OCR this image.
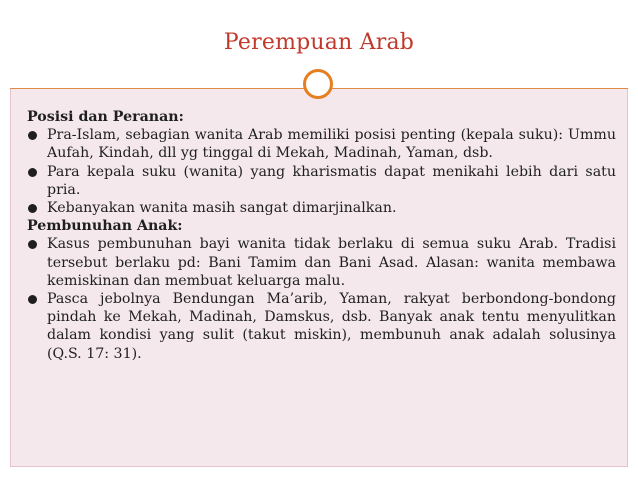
Perempuan Arab

Posisi dan Peranan:

Pra-Islam, sebagian wanita Arab memiliki posisi penting (kepala suku): Ummu Aufah, Kindah, dll yg tinggal di Mekah, Madinah, Yaman, dsb.
Para kepala suku (wanita) yang kharismatis dapat menikahi lebih dari satu pria.
Kebanyakan wanita masih sangat dimarjinalkan.

Pembunuhan Anak:

Kasus pembunuhan bayi wanita tidak berlaku di semua suku Arab. Tradisi tersebut berlaku pd: Bani Tamim dan Bani Asad. Alasan: wanita membawa kemiskinan dan membuat keluarga malu.
Pasca jebolnya Bendungan Ma’arib, Yaman, rakyat berbondong-bondong pindah ke Mekah, Madinah, Damskus, dsb. Banyak anak tentu menyulitkan dalam kondisi yang sulit (takut miskin), membunuh anak adalah solusinya (Q.S. 17: 31).
